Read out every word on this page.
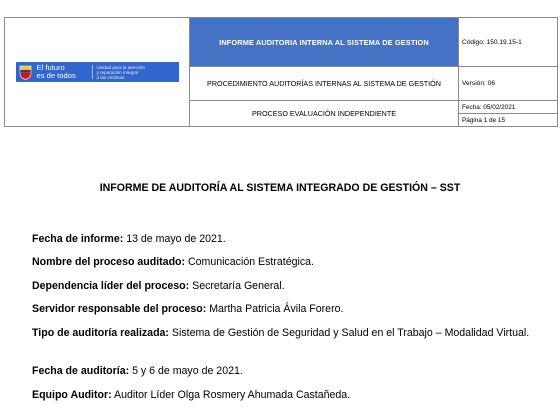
El futuro
es de todos
Unidad para la atención
y reparación integral
a las víctimas	INFORME AUDITORIA INTERNA AL SISTEMA DE GESTION	Código: 150.19.15-1
	PROCEDIMIENTO AUDITORÍAS INTERNAS AL SISTEMA DE GESTIÓN	Versión: 06
	PROCESO EVALUACIÓN INDEPENDIENTE	Fecha: 05/02/2021
		Página 1 de 15
INFORME DE AUDITORÍA AL SISTEMA INTEGRADO DE GESTIÓN – SST
Fecha de informe: 13 de mayo de 2021.
Nombre del proceso auditado: Comunicación Estratégica.
Dependencia líder del proceso: Secretaría General.
Servidor responsable del proceso: Martha Patricia Ávila Forero.
Tipo de auditoría realizada: Sistema de Gestión de Seguridad y Salud en el Trabajo – Modalidad Virtual.
Fecha de auditoría: 5 y 6 de mayo de 2021.
Equipo Auditor: Auditor Líder Olga Rosmery Ahumada Castañeda.
